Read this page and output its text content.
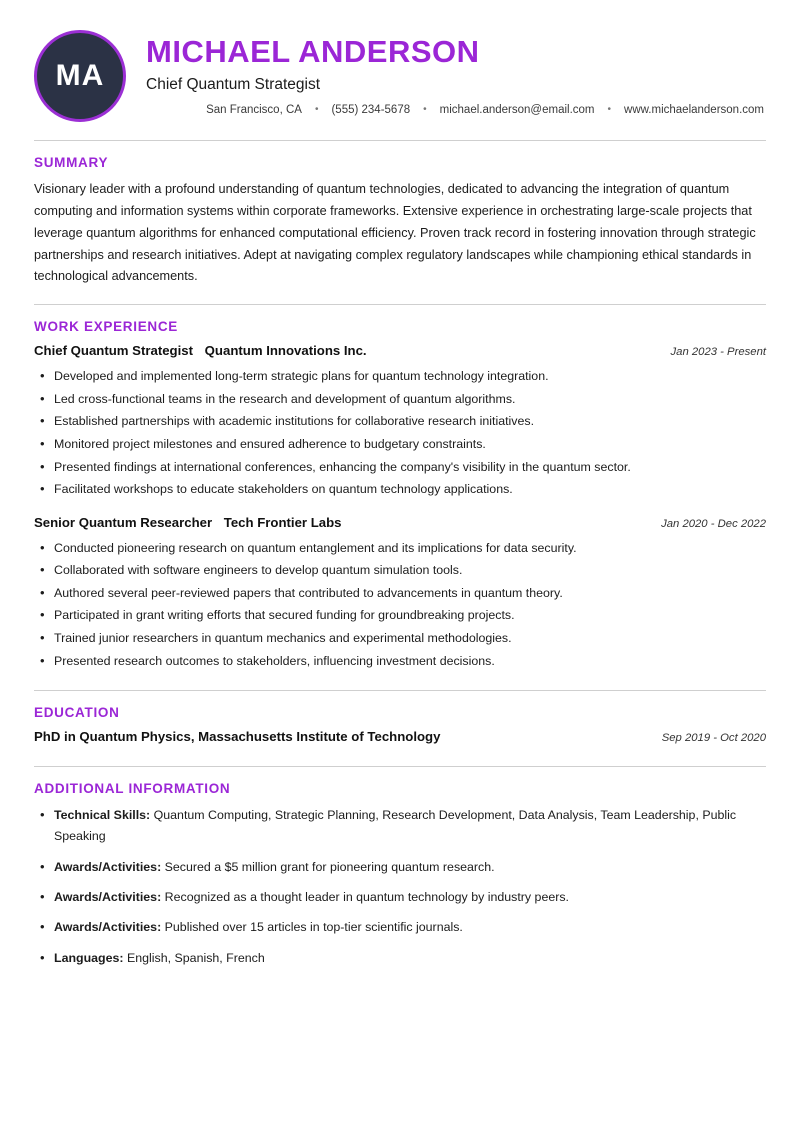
MA
MICHAEL ANDERSON
Chief Quantum Strategist
San Francisco, CA • (555) 234-5678 • michael.anderson@email.com • www.michaelanderson.com
SUMMARY

Visionary leader with a profound understanding of quantum technologies, dedicated to advancing the integration of quantum computing and information systems within corporate frameworks. Extensive experience in orchestrating large-scale projects that leverage quantum algorithms for enhanced computational efficiency. Proven track record in fostering innovation through strategic partnerships and research initiatives. Adept at navigating complex regulatory landscapes while championing ethical standards in technological advancements.

WORK EXPERIENCE
Chief Quantum Strategist Quantum Innovations Inc.	Jan 2023 - Present
• Developed and implemented long-term strategic plans for quantum technology integration.
• Led cross-functional teams in the research and development of quantum algorithms.
• Established partnerships with academic institutions for collaborative research initiatives.
• Monitored project milestones and ensured adherence to budgetary constraints.
• Presented findings at international conferences, enhancing the company's visibility in the quantum sector.
• Facilitated workshops to educate stakeholders on quantum technology applications.
Senior Quantum Researcher Tech Frontier Labs	Jan 2020 - Dec 2022
• Conducted pioneering research on quantum entanglement and its implications for data security.
• Collaborated with software engineers to develop quantum simulation tools.
• Authored several peer-reviewed papers that contributed to advancements in quantum theory.
• Participated in grant writing efforts that secured funding for groundbreaking projects.
• Trained junior researchers in quantum mechanics and experimental methodologies.
• Presented research outcomes to stakeholders, influencing investment decisions.
EDUCATION
PhD in Quantum Physics, Massachusetts Institute of Technology	Sep 2019 - Oct 2020
ADDITIONAL INFORMATION
• Technical Skills: Quantum Computing, Strategic Planning, Research Development, Data Analysis, Team Leadership, Public Speaking
• Awards/Activities: Secured a $5 million grant for pioneering quantum research.
• Awards/Activities: Recognized as a thought leader in quantum technology by industry peers.
• Awards/Activities: Published over 15 articles in top-tier scientific journals.
• Languages: English, Spanish, French
